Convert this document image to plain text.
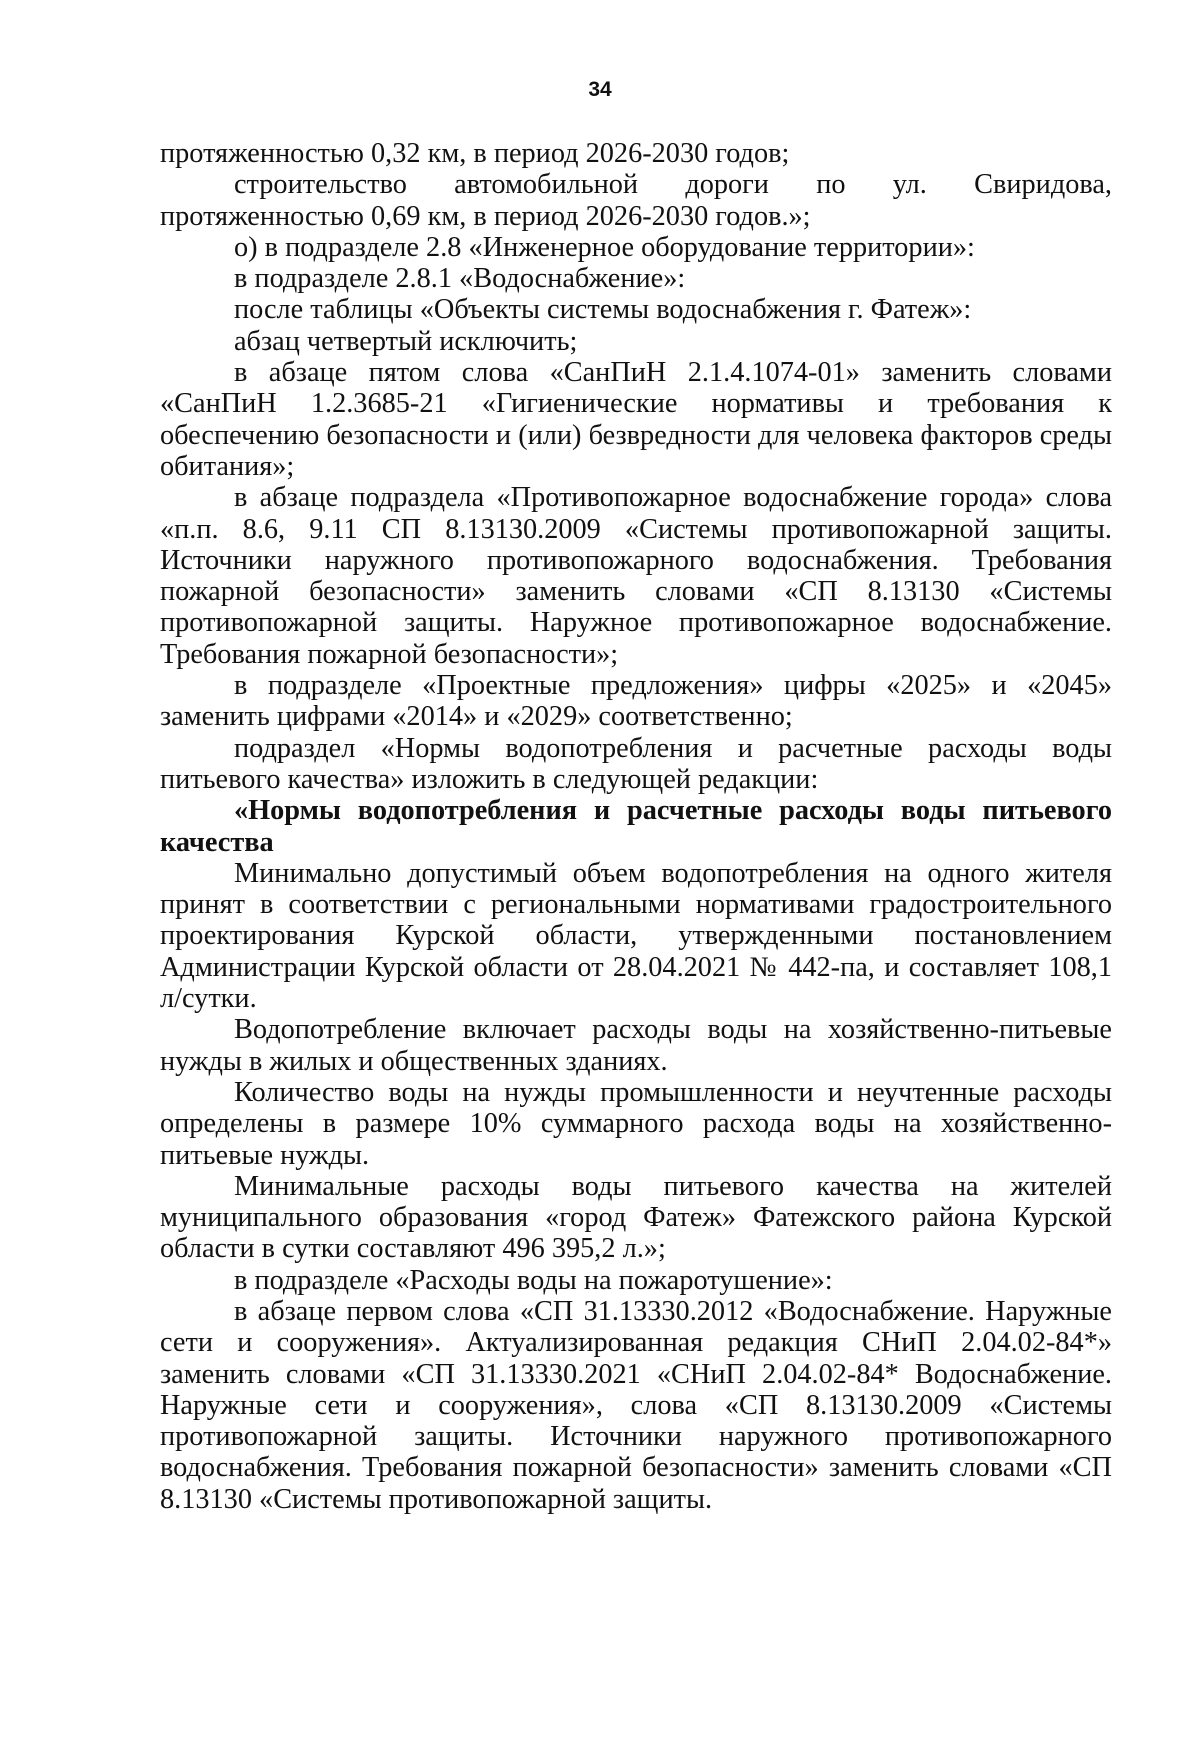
34

протяженностью 0,32 км, в период 2026-2030 годов;

строительство автомобильной дороги по ул. Свиридова, протяженностью 0,69 км, в период 2026-2030 годов.»;

о) в подразделе 2.8 «Инженерное оборудование территории»:

в подразделе 2.8.1 «Водоснабжение»:

после таблицы «Объекты системы водоснабжения г. Фатеж»:

абзац четвертый исключить;

в абзаце пятом слова «СанПиН 2.1.4.1074-01» заменить словами «СанПиН 1.2.3685-21 «Гигиенические нормативы и требования к обеспечению безопасности и (или) безвредности для человека факторов среды обитания»;

в абзаце подраздела «Противопожарное водоснабжение города» слова «п.п. 8.6, 9.11 СП 8.13130.2009 «Системы противопожарной защиты. Источники наружного противопожарного водоснабжения. Требования пожарной безопасности» заменить словами «СП 8.13130 «Системы противопожарной защиты. Наружное противопожарное водоснабжение. Требования пожарной безопасности»;

в подразделе «Проектные предложения» цифры «2025» и «2045» заменить цифрами «2014» и «2029» соответственно;

подраздел «Нормы водопотребления и расчетные расходы воды питьевого качества» изложить в следующей редакции:

«Нормы водопотребления и расчетные расходы воды питьевого качества

Минимально допустимый объем водопотребления на одного жителя принят в соответствии с региональными нормативами градостроительного проектирования Курской области, утвержденными постановлением Администрации Курской области от 28.04.2021 № 442-па, и составляет 108,1 л/сутки.

Водопотребление включает расходы воды на хозяйственно-питьевые нужды в жилых и общественных зданиях.

Количество воды на нужды промышленности и неучтенные расходы определены в размере 10% суммарного расхода воды на хозяйственно-питьевые нужды.

Минимальные расходы воды питьевого качества на жителей муниципального образования «город Фатеж» Фатежского района Курской области в сутки составляют 496 395,2 л.»;

в подразделе «Расходы воды на пожаротушение»:

в абзаце первом слова «СП 31.13330.2012 «Водоснабжение. Наружные сети и сооружения». Актуализированная редакция СНиП 2.04.02-84*» заменить словами «СП 31.13330.2021 «СНиП 2.04.02-84* Водоснабжение. Наружные сети и сооружения», слова «СП 8.13130.2009 «Системы противопожарной защиты. Источники наружного противопожарного водоснабжения. Требования пожарной безопасности» заменить словами «СП 8.13130 «Системы противопожарной защиты.
